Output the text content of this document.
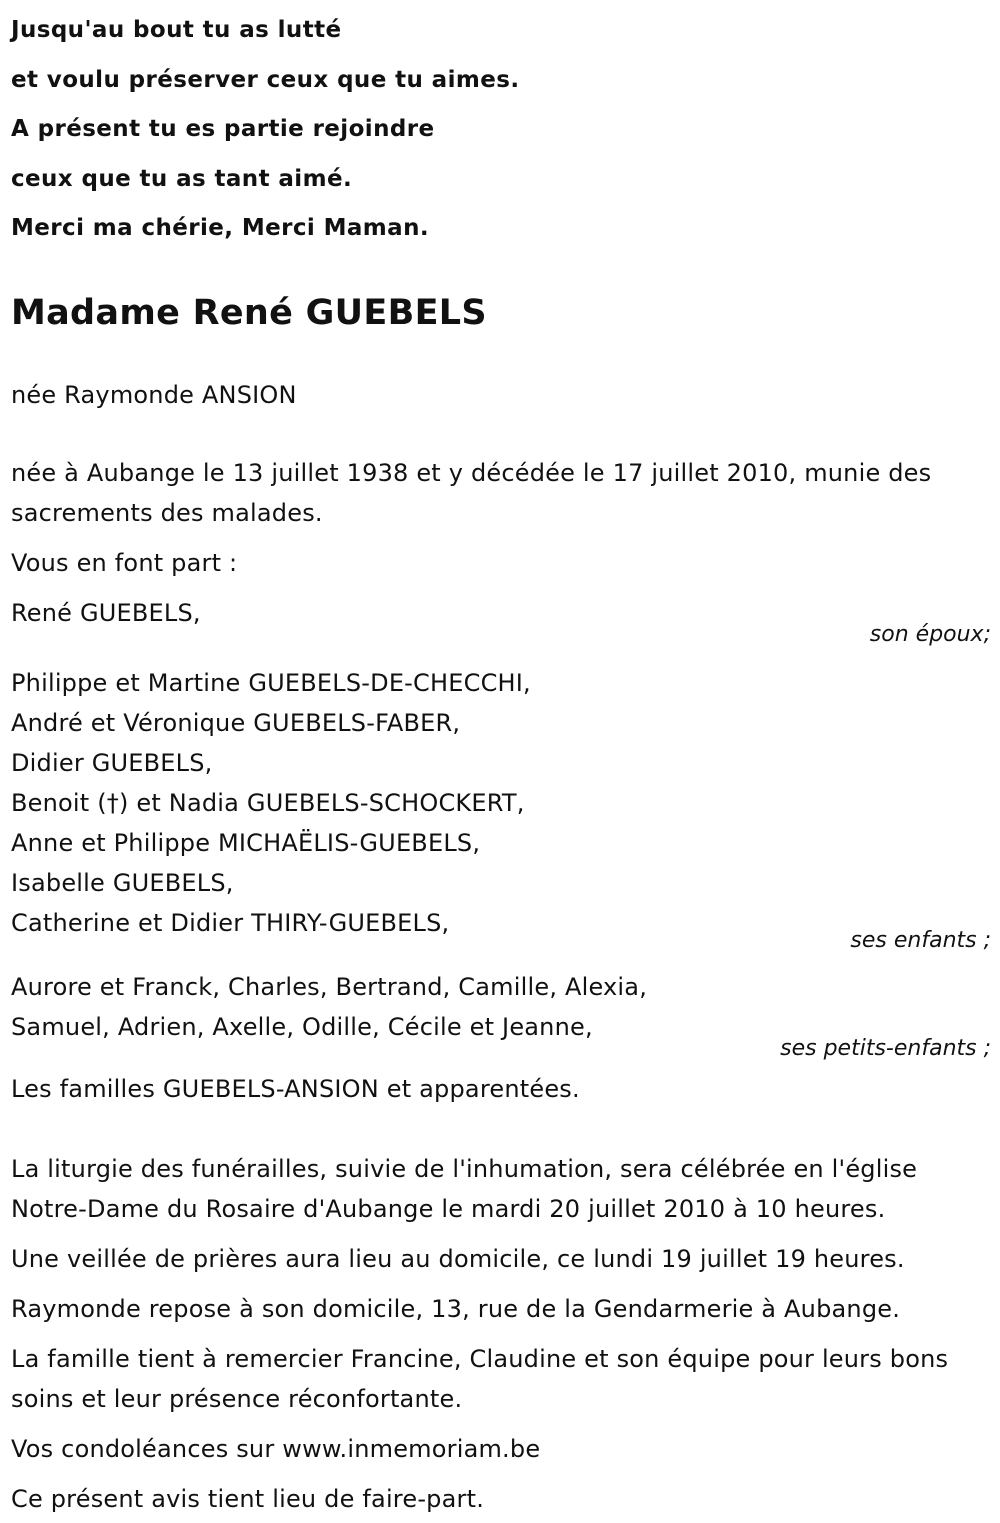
Jusqu'au bout tu as lutté
et voulu préserver ceux que tu aimes.
A présent tu es partie rejoindre
ceux que tu as tant aimé.
Merci ma chérie, Merci Maman.
Madame René GUEBELS
née Raymonde ANSION
née à Aubange le 13 juillet 1938 et y décédée le 17 juillet 2010, munie des sacrements des malades.
Vous en font part :
René GUEBELS,
son époux;
Philippe et Martine GUEBELS-DE-CHECCHI,
André et Véronique GUEBELS-FABER,
Didier GUEBELS,
Benoit (†) et Nadia GUEBELS-SCHOCKERT,
Anne et Philippe MICHAËLIS-GUEBELS,
Isabelle GUEBELS,
Catherine et Didier THIRY-GUEBELS,
ses enfants ;
Aurore et Franck, Charles, Bertrand, Camille, Alexia,
Samuel, Adrien, Axelle, Odille, Cécile et Jeanne,
ses petits-enfants ;
Les familles GUEBELS-ANSION et apparentées.
La liturgie des funérailles, suivie de l'inhumation, sera célébrée en l'église Notre-Dame du Rosaire d'Aubange le mardi 20 juillet 2010 à 10 heures.
Une veillée de prières aura lieu au domicile, ce lundi 19 juillet 19 heures.
Raymonde repose à son domicile, 13, rue de la Gendarmerie à Aubange.
La famille tient à remercier Francine, Claudine et son équipe pour leurs bons soins et leur présence réconfortante.
Vos condoléances sur www.inmemoriam.be
Ce présent avis tient lieu de faire-part.
